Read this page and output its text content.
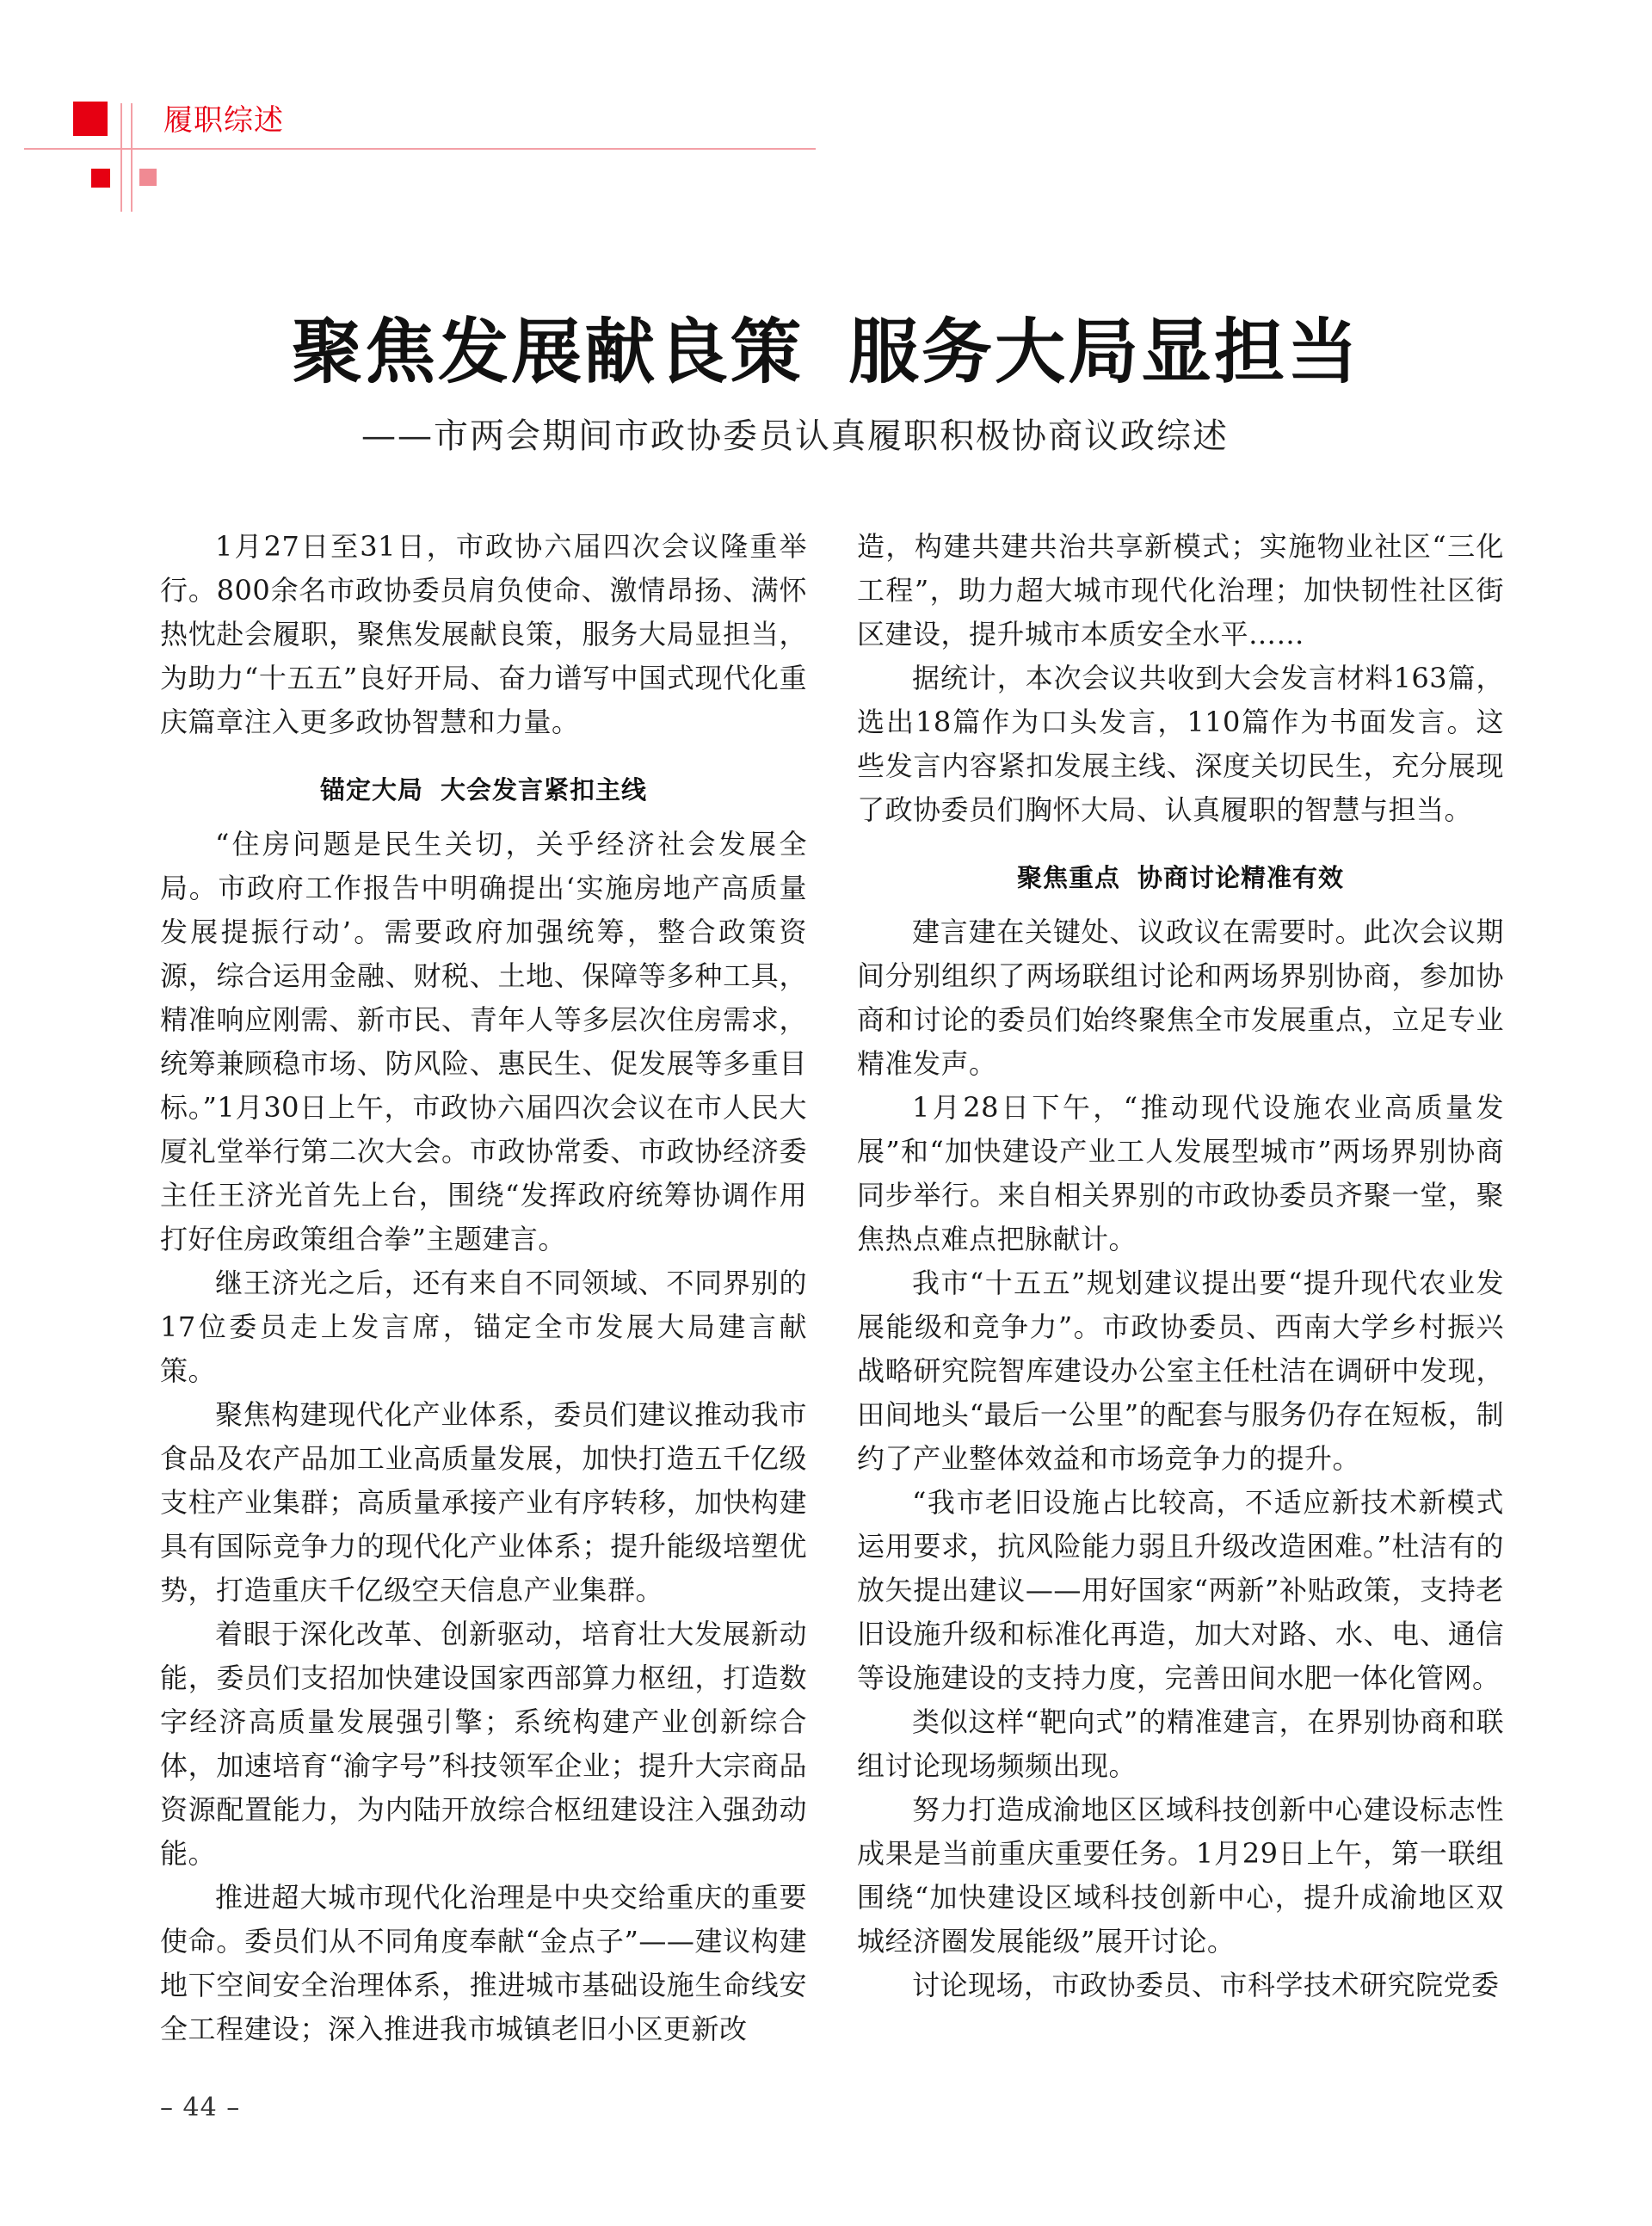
履职综述
聚焦发展献良策 服务大局显担当
——市两会期间市政协委员认真履职积极协商议政综述

1月27日至31日，市政协六届四次会议隆重举行。800余名市政协委员肩负使命、激情昂扬、满怀热忱赴会履职，聚焦发展献良策，服务大局显担当，为助力“十五五”良好开局、奋力谱写中国式现代化重庆篇章注入更多政协智慧和力量。

锚定大局 大会发言紧扣主线

“住房问题是民生关切，关乎经济社会发展全局。市政府工作报告中明确提出‘实施房地产高质量发展提振行动’。需要政府加强统筹，整合政策资源，综合运用金融、财税、土地、保障等多种工具，精准响应刚需、新市民、青年人等多层次住房需求，统筹兼顾稳市场、防风险、惠民生、促发展等多重目标。”1月30日上午，市政协六届四次会议在市人民大厦礼堂举行第二次大会。市政协常委、市政协经济委主任王济光首先上台，围绕“发挥政府统筹协调作用 打好住房政策组合拳”主题建言。

继王济光之后，还有来自不同领域、不同界别的17位委员走上发言席，锚定全市发展大局建言献策。

聚焦构建现代化产业体系，委员们建议推动我市食品及农产品加工业高质量发展，加快打造五千亿级支柱产业集群；高质量承接产业有序转移，加快构建具有国际竞争力的现代化产业体系；提升能级培塑优势，打造重庆千亿级空天信息产业集群。

着眼于深化改革、创新驱动，培育壮大发展新动能，委员们支招加快建设国家西部算力枢纽，打造数字经济高质量发展强引擎；系统构建产业创新综合体，加速培育“渝字号”科技领军企业；提升大宗商品资源配置能力，为内陆开放综合枢纽建设注入强劲动能。

推进超大城市现代化治理是中央交给重庆的重要使命。委员们从不同角度奉献“金点子”——建议构建地下空间安全治理体系，推进城市基础设施生命线安全工程建设；深入推进我市城镇老旧小区更新改

造，构建共建共治共享新模式；实施物业社区“三化工程”，助力超大城市现代化治理；加快韧性社区街区建设，提升城市本质安全水平……

据统计，本次会议共收到大会发言材料163篇，选出18篇作为口头发言，110篇作为书面发言。这些发言内容紧扣发展主线、深度关切民生，充分展现了政协委员们胸怀大局、认真履职的智慧与担当。

聚焦重点 协商讨论精准有效

建言建在关键处、议政议在需要时。此次会议期间分别组织了两场联组讨论和两场界别协商，参加协商和讨论的委员们始终聚焦全市发展重点，立足专业精准发声。

1月28日下午，“推动现代设施农业高质量发展”和“加快建设产业工人发展型城市”两场界别协商同步举行。来自相关界别的市政协委员齐聚一堂，聚焦热点难点把脉献计。

我市“十五五”规划建议提出要“提升现代农业发展能级和竞争力”。市政协委员、西南大学乡村振兴战略研究院智库建设办公室主任杜洁在调研中发现，田间地头“最后一公里”的配套与服务仍存在短板，制约了产业整体效益和市场竞争力的提升。

“我市老旧设施占比较高，不适应新技术新模式运用要求，抗风险能力弱且升级改造困难。”杜洁有的放矢提出建议——用好国家“两新”补贴政策，支持老旧设施升级和标准化再造，加大对路、水、电、通信等设施建设的支持力度，完善田间水肥一体化管网。

类似这样“靶向式”的精准建言，在界别协商和联组讨论现场频频出现。

努力打造成渝地区区域科技创新中心建设标志性成果是当前重庆重要任务。1月29日上午，第一联组围绕“加快建设区域科技创新中心，提升成渝地区双城经济圈发展能级”展开讨论。

讨论现场，市政协委员、市科学技术研究院党委

– 44 –
